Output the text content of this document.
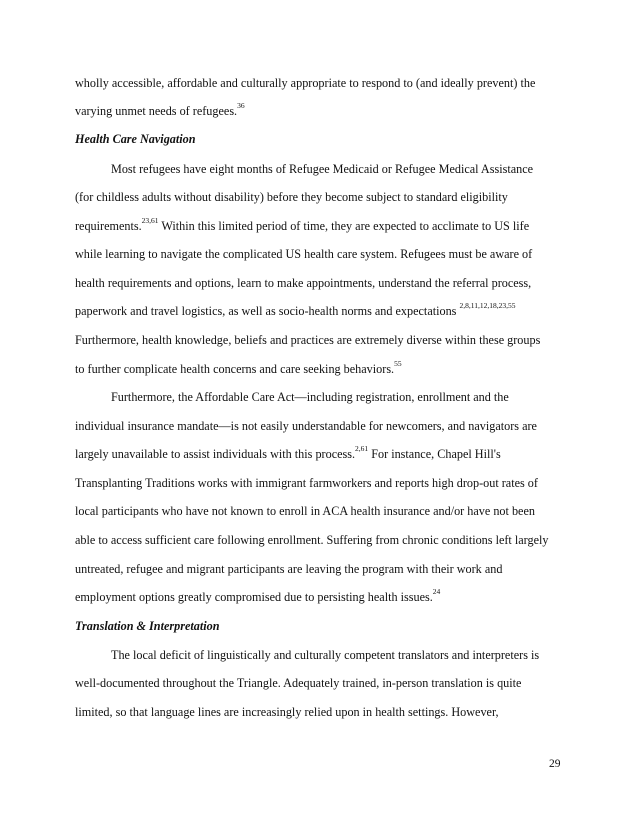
wholly accessible, affordable and culturally appropriate to respond to (and ideally prevent) the
varying unmet needs of refugees.$^{36}$
Health Care Navigation
Most refugees have eight months of Refugee Medicaid or Refugee Medical Assistance
(for childless adults without disability) before they become subject to standard eligibility
requirements.$^{23,61}$ Within this limited period of time, they are expected to acclimate to US life
while learning to navigate the complicated US health care system. Refugees must be aware of
health requirements and options, learn to make appointments, understand the referral process,
paperwork and travel logistics, as well as socio-health norms and expectations $^{2,8,11,12,18,23,55}$
Furthermore, health knowledge, beliefs and practices are extremely diverse within these groups
to further complicate health concerns and care seeking behaviors.$^{55}$
Furthermore, the Affordable Care Act—including registration, enrollment and the
individual insurance mandate—is not easily understandable for newcomers, and navigators are
largely unavailable to assist individuals with this process.$^{2,61}$ For instance, Chapel Hill's
Transplanting Traditions works with immigrant farmworkers and reports high drop-out rates of
local participants who have not known to enroll in ACA health insurance and/or have not been
able to access sufficient care following enrollment. Suffering from chronic conditions left largely
untreated, refugee and migrant participants are leaving the program with their work and
employment options greatly compromised due to persisting health issues.$^{24}$
Translation & Interpretation
The local deficit of linguistically and culturally competent translators and interpreters is
well-documented throughout the Triangle. Adequately trained, in-person translation is quite
limited, so that language lines are increasingly relied upon in health settings. However,
29
